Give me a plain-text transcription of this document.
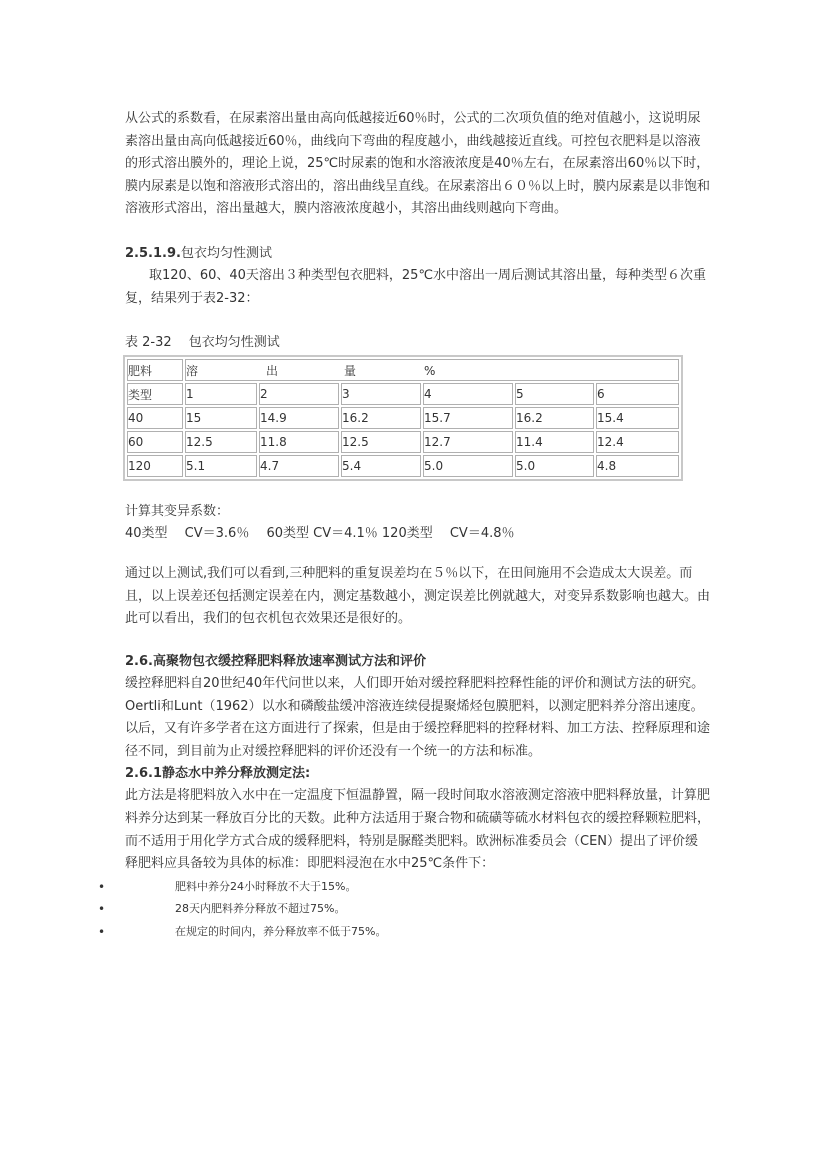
从公式的系数看，在尿素溶出量由高向低越接近60％时，公式的二次项负值的绝对值越小，这说明尿素溶出量由高向低越接近60％，曲线向下弯曲的程度越小，曲线越接近直线。可控包衣肥料是以溶液的形式溶出膜外的，理论上说，25℃时尿素的饱和水溶液浓度是40％左右，在尿素溶出60％以下时，膜内尿素是以饱和溶液形式溶出的，溶出曲线呈直线。在尿素溶出６０％以上时，膜内尿素是以非饱和溶液形式溶出，溶出量越大，膜内溶液浓度越小，其溶出曲线则越向下弯曲。

2.5.1.9.包衣均匀性测试

取120、60、40天溶出３种类型包衣肥料，25℃水中溶出一周后测试其溶出量，每种类型６次重复，结果列于表2-32：

表 2-32　 包衣均匀性测试

肥料	溶 出 量 %					
类型	1	2	3	4	5	6
40	15	14.9	16.2	15.7	16.2	15.4
60	12.5	11.8	12.5	12.7	11.4	12.4
120	5.1	4.7	5.4	5.0	5.0	4.8

计算其变异系数：

40类型　 CV＝3.6％　 60类型 CV＝4.1％ 120类型　 CV＝4.8％

通过以上测试,我们可以看到,三种肥料的重复误差均在５％以下，在田间施用不会造成太大误差。而且，以上误差还包括测定误差在内，测定基数越小，测定误差比例就越大，对变异系数影响也越大。由此可以看出，我们的包衣机包衣效果还是很好的。

2.6.高聚物包衣缓控释肥料释放速率测试方法和评价

缓控释肥料自20世纪40年代问世以来，人们即开始对缓控释肥料控释性能的评价和测试方法的研究。Oertli和Lunt（1962）以水和磷酸盐缓冲溶液连续侵提聚烯烃包膜肥料，以测定肥料养分溶出速度。以后，又有许多学者在这方面进行了探索，但是由于缓控释肥料的控释材料、加工方法、控释原理和途径不同，到目前为止对缓控释肥料的评价还没有一个统一的方法和标准。

2.6.1静态水中养分释放测定法:

此方法是将肥料放入水中在一定温度下恒温静置，隔一段时间取水溶液测定溶液中肥料释放量，计算肥料养分达到某一释放百分比的天数。此种方法适用于聚合物和硫磺等硫水材料包衣的缓控释颗粒肥料，而不适用于用化学方式合成的缓释肥料，特别是脲醛类肥料。欧洲标准委员会（CEN）提出了评价缓释肥料应具备较为具体的标准：即肥料浸泡在水中25℃条件下：

•	肥料中养分24小时释放不大于15%。
•	28天内肥料养分释放不超过75%。
•	在规定的时间内，养分释放率不低于75%。
